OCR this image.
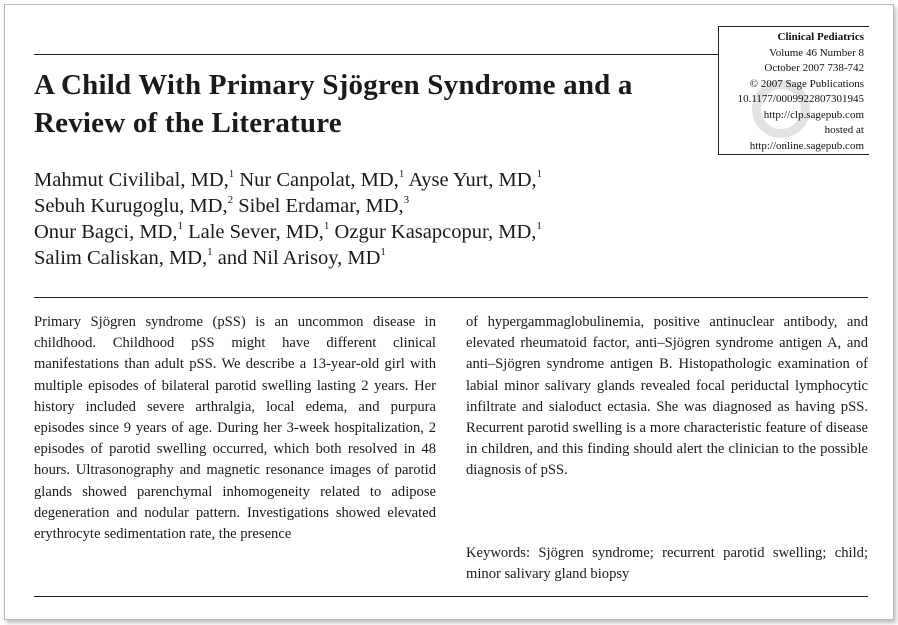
Clinical Pediatrics
Volume 46 Number 8
October 2007 738-742
© 2007 Sage Publications
10.1177/0009922807301945
http://clp.sagepub.com
hosted at
http://online.sagepub.com
A Child With Primary Sjögren Syndrome and a Review of the Literature
Mahmut Civilibal, MD,$^1$ Nur Canpolat, MD,$^1$ Ayse Yurt, MD,$^1$
Sebuh Kurugoglu, MD,$^2$ Sibel Erdamar, MD,$^3$
Onur Bagci, MD,$^1$ Lale Sever, MD,$^1$ Ozgur Kasapcopur, MD,$^1$
Salim Caliskan, MD,$^1$ and Nil Arisoy, $MD^1$

Primary Sjögren syndrome (pSS) is an uncommon disease in childhood. Childhood pSS might have different clinical manifestations than adult pSS. We describe a 13-year-old girl with multiple episodes of bilateral parotid swelling lasting 2 years. Her history included severe arthralgia, local edema, and purpura episodes since 9 years of age. During her 3-week hospitalization, 2 episodes of parotid swelling occurred, which both resolved in 48 hours. Ultrasonography and magnetic resonance images of parotid glands showed parenchymal inhomogeneity related to adipose degeneration and nodular pattern. Investigations showed elevated erythrocyte sedimentation rate, the presence

of hypergammaglobulinemia, positive antinuclear antibody, and elevated rheumatoid factor, anti–Sjögren syndrome antigen A, and anti–Sjögren syndrome antigen B. Histopathologic examination of labial minor salivary glands revealed focal periductal lymphocytic infiltrate and sialoduct ectasia. She was diagnosed as having pSS. Recurrent parotid swelling is a more characteristic feature of disease in children, and this finding should alert the clinician to the possible diagnosis of pSS.

Keywords: Sjögren syndrome; recurrent parotid swelling; child; minor salivary gland biopsy
